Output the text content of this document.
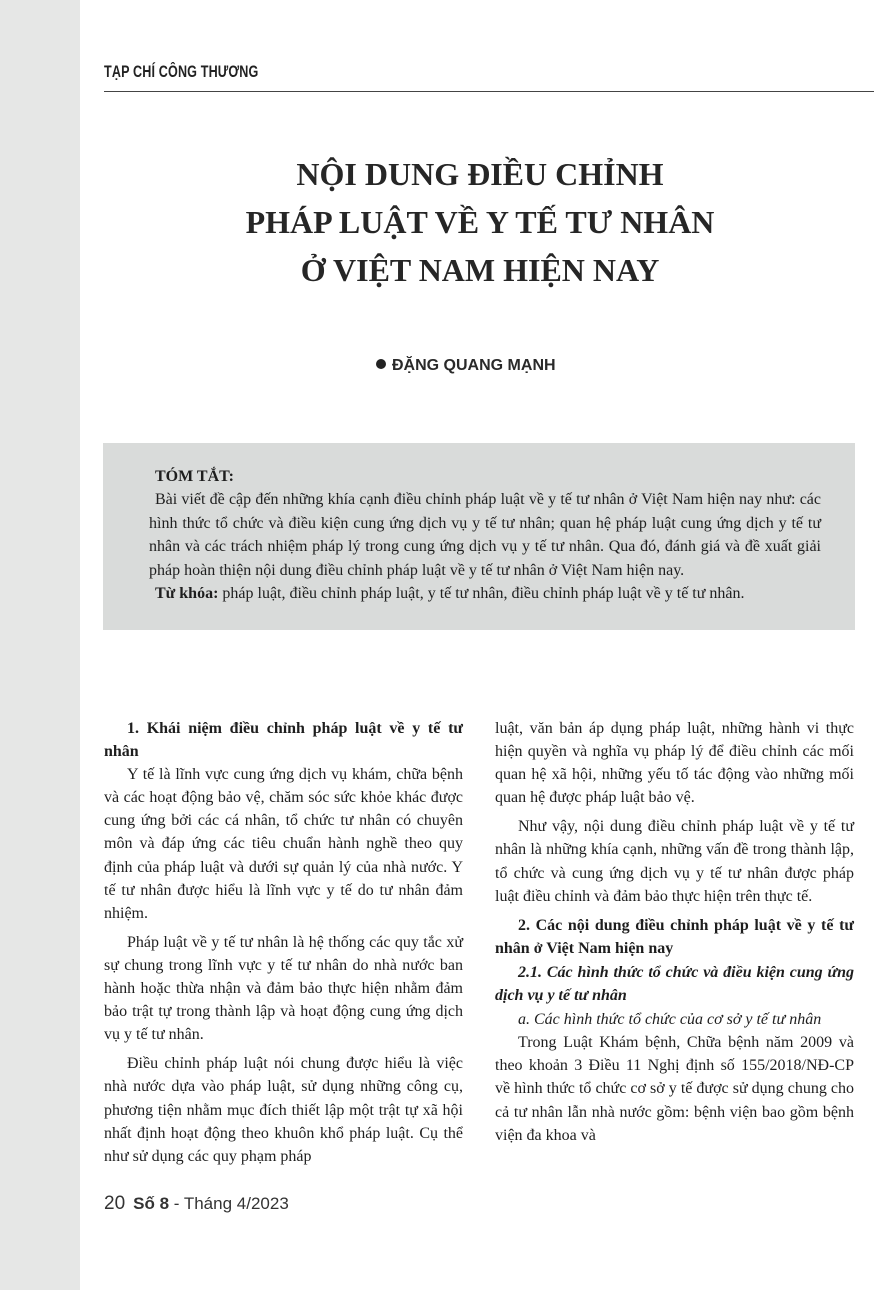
TẠP CHÍ CÔNG THƯƠNG

NỘI DUNG ĐIỀU CHỈNH
PHÁP LUẬT VỀ Y TẾ TƯ NHÂN
Ở VIỆT NAM HIỆN NAY

ĐẶNG QUANG MẠNH

TÓM TẮT:

Bài viết đề cập đến những khía cạnh điều chỉnh pháp luật về y tế tư nhân ở Việt Nam hiện nay như: các hình thức tổ chức và điều kiện cung ứng dịch vụ y tế tư nhân; quan hệ pháp luật cung ứng dịch y tế tư nhân và các trách nhiệm pháp lý trong cung ứng dịch vụ y tế tư nhân. Qua đó, đánh giá và đề xuất giải pháp hoàn thiện nội dung điều chỉnh pháp luật về y tế tư nhân ở Việt Nam hiện nay.

Từ khóa: pháp luật, điều chỉnh pháp luật, y tế tư nhân, điều chỉnh pháp luật về y tế tư nhân.

1. Khái niệm điều chỉnh pháp luật về y tế tư nhân

Y tế là lĩnh vực cung ứng dịch vụ khám, chữa bệnh và các hoạt động bảo vệ, chăm sóc sức khỏe khác được cung ứng bởi các cá nhân, tổ chức tư nhân có chuyên môn và đáp ứng các tiêu chuẩn hành nghề theo quy định của pháp luật và dưới sự quản lý của nhà nước. Y tế tư nhân được hiểu là lĩnh vực y tế do tư nhân đảm nhiệm.

Pháp luật về y tế tư nhân là hệ thống các quy tắc xử sự chung trong lĩnh vực y tế tư nhân do nhà nước ban hành hoặc thừa nhận và đảm bảo thực hiện nhằm đảm bảo trật tự trong thành lập và hoạt động cung ứng dịch vụ y tế tư nhân.

Điều chỉnh pháp luật nói chung được hiểu là việc nhà nước dựa vào pháp luật, sử dụng những công cụ, phương tiện nhằm mục đích thiết lập một trật tự xã hội nhất định hoạt động theo khuôn khổ pháp luật. Cụ thể như sử dụng các quy phạm pháp

luật, văn bản áp dụng pháp luật, những hành vi thực hiện quyền và nghĩa vụ pháp lý để điều chỉnh các mối quan hệ xã hội, những yếu tố tác động vào những mối quan hệ được pháp luật bảo vệ.

Như vậy, nội dung điều chỉnh pháp luật về y tế tư nhân là những khía cạnh, những vấn đề trong thành lập, tổ chức và cung ứng dịch vụ y tế tư nhân được pháp luật điều chỉnh và đảm bảo thực hiện trên thực tế.

2. Các nội dung điều chỉnh pháp luật về y tế tư nhân ở Việt Nam hiện nay
2.1. Các hình thức tổ chức và điều kiện cung ứng dịch vụ y tế tư nhân
a. Các hình thức tổ chức của cơ sở y tế tư nhân

Trong Luật Khám bệnh, Chữa bệnh năm 2009 và theo khoản 3 Điều 11 Nghị định số 155/2018/NĐ-CP về hình thức tổ chức cơ sở y tế được sử dụng chung cho cả tư nhân lẫn nhà nước gồm: bệnh viện bao gồm bệnh viện đa khoa và

20 Số 8 - Tháng 4/2023
